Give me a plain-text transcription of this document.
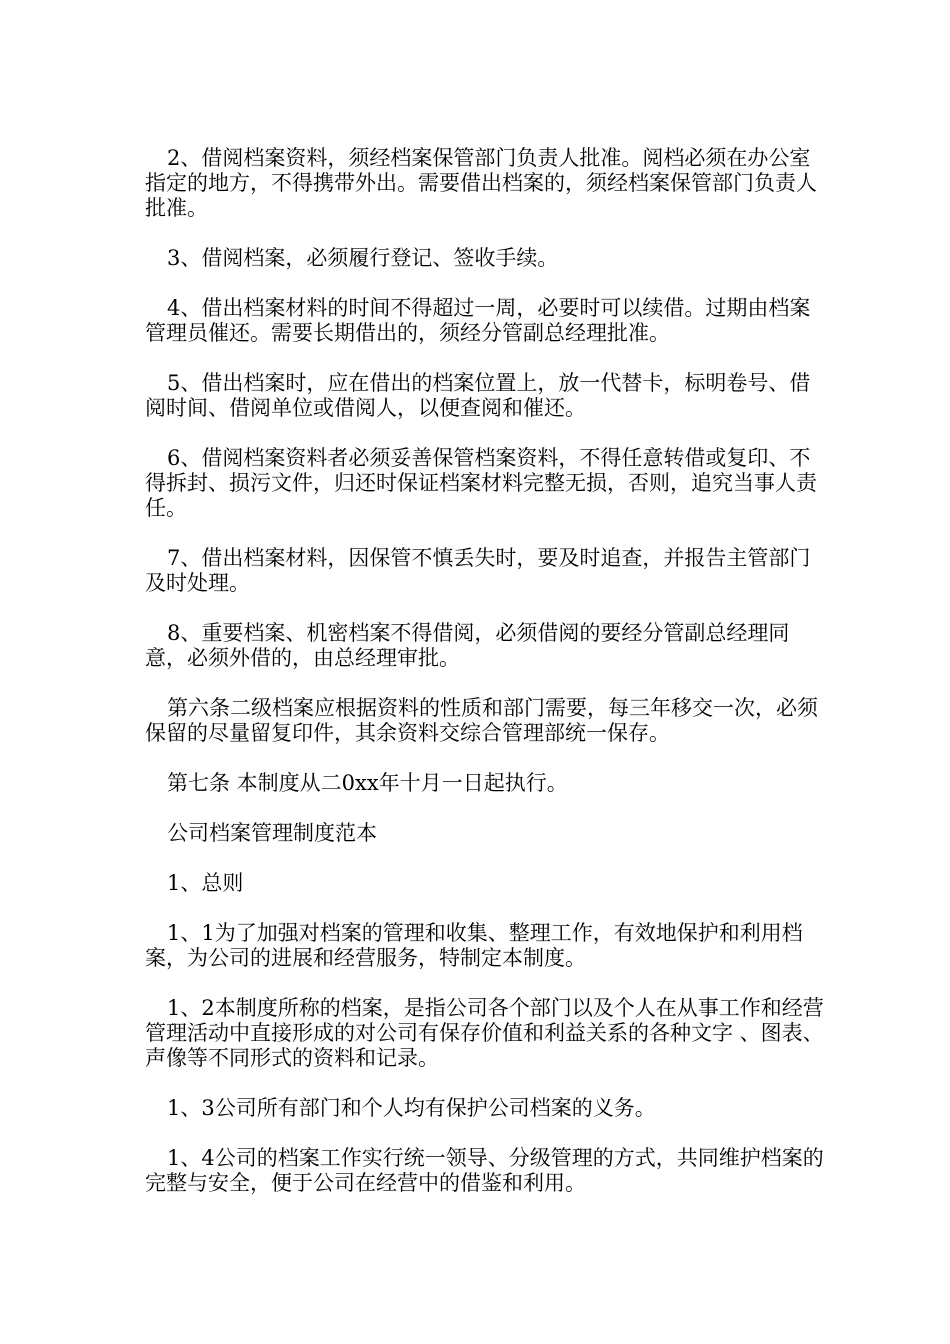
2、借阅档案资料，须经档案保管部门负责人批准。阅档必须在办公室指定的地方，不得携带外出。需要借出档案的，须经档案保管部门负责人批准。

3、借阅档案，必须履行登记、签收手续。

4、借出档案材料的时间不得超过一周，必要时可以续借。过期由档案管理员催还。需要长期借出的，须经分管副总经理批准。

5、借出档案时，应在借出的档案位置上，放一代替卡，标明卷号、借阅时间、借阅单位或借阅人，以便查阅和催还。

6、借阅档案资料者必须妥善保管档案资料，不得任意转借或复印、不得拆封、损污文件，归还时保证档案材料完整无损，否则，追究当事人责任。

7、借出档案材料，因保管不慎丢失时，要及时追查，并报告主管部门及时处理。

8、重要档案、机密档案不得借阅，必须借阅的要经分管副总经理同意，必须外借的，由总经理审批。

第六条二级档案应根据资料的性质和部门需要，每三年移交一次，必须保留的尽量留复印件，其余资料交综合管理部统一保存。

第七条 本制度从二0xx年十月一日起执行。

公司档案管理制度范本

1、总则

1、1为了加强对档案的管理和收集、整理工作，有效地保护和利用档案，为公司的进展和经营服务，特制定本制度。

1、2本制度所称的档案，是指公司各个部门以及个人在从事工作和经营管理活动中直接形成的对公司有保存价值和利益关系的各种文字 、图表、声像等不同形式的资料和记录。

1、3公司所有部门和个人均有保护公司档案的义务。

1、4公司的档案工作实行统一领导、分级管理的方式，共同维护档案的完整与安全，便于公司在经营中的借鉴和利用。
